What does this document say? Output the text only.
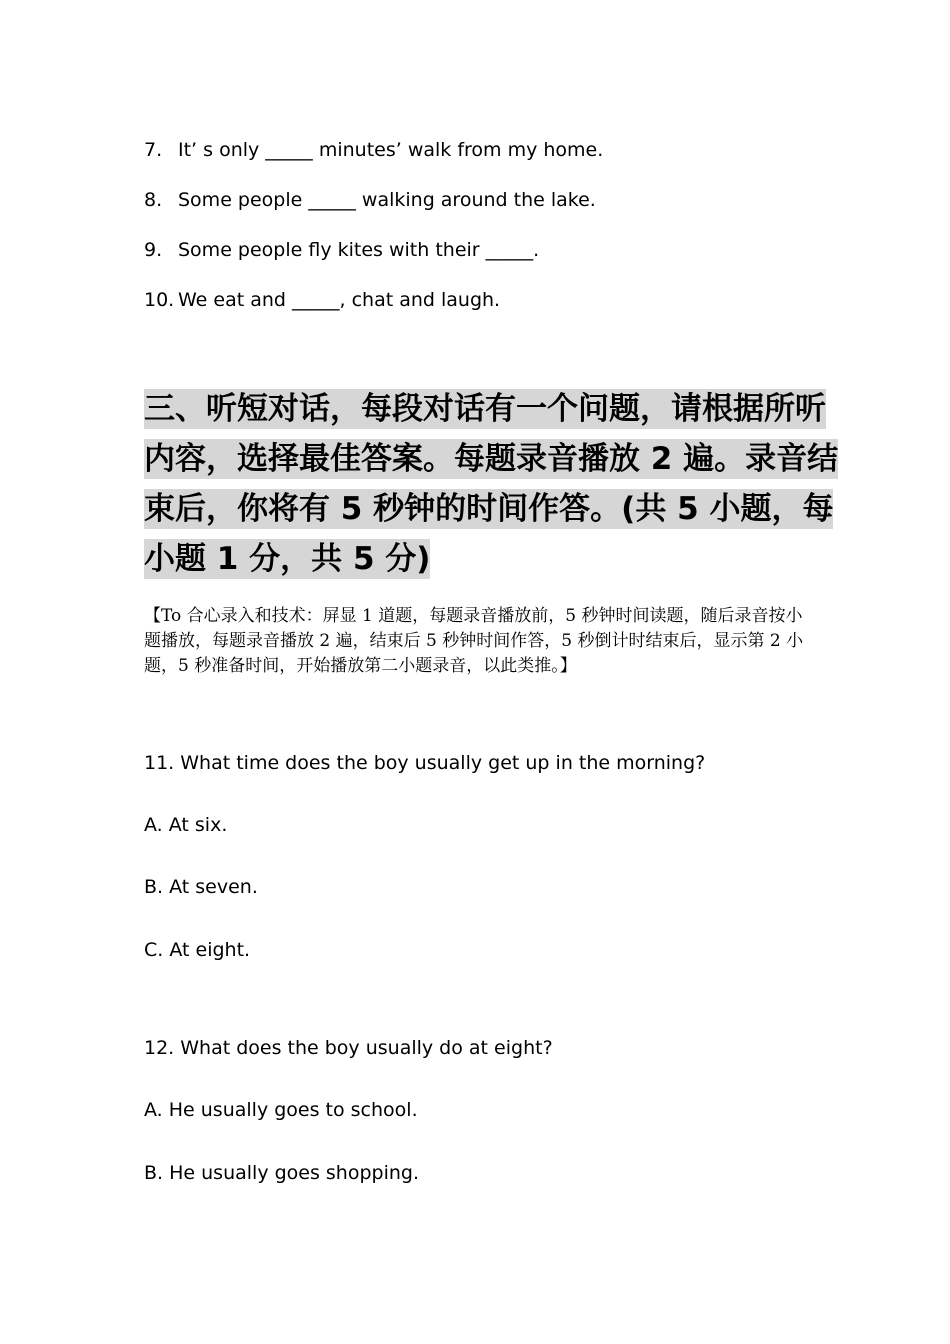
7. It’ s only _____ minutes’ walk from my home.
8. Some people _____ walking around the lake.
9. Some people fly kites with their _____.
10. We eat and _____, chat and laugh.
三、听短对话，每段对话有一个问题，请根据所听内容，选择最佳答案。每题录音播放 2 遍。录音结束后，你将有 5 秒钟的时间作答。(共 5 小题，每小题 1 分，共 5 分)
【To 合心录入和技术：屏显 1 道题，每题录音播放前，5 秒钟时间读题，随后录音按小题播放，每题录音播放 2 遍，结束后 5 秒钟时间作答，5 秒倒计时结束后，显示第 2 小题，5 秒准备时间，开始播放第二小题录音，以此类推。】
11. What time does the boy usually get up in the morning?
A. At six.
B. At seven.
C. At eight.
12. What does the boy usually do at eight?
A. He usually goes to school.
B. He usually goes shopping.
